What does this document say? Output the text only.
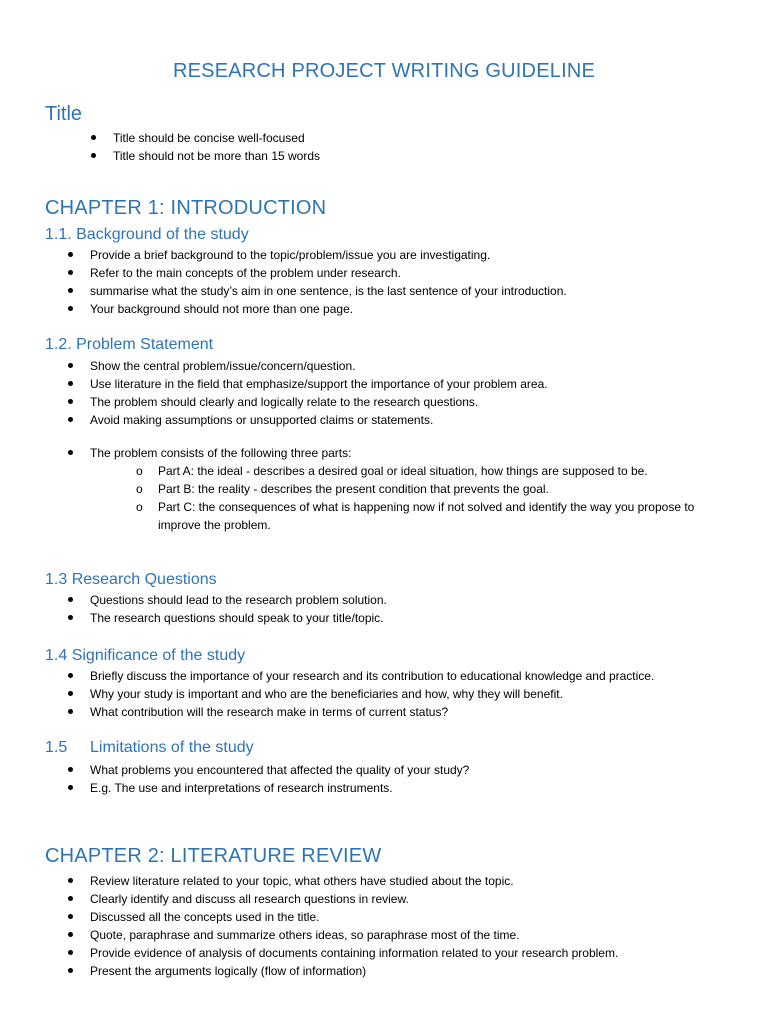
RESEARCH PROJECT WRITING GUIDELINE
Title
Title should be concise well-focused
Title should not be more than 15 words
CHAPTER 1: INTRODUCTION
1.1. Background of the study
Provide a brief background to the topic/problem/issue you are investigating.
Refer to the main concepts of the problem under research.
summarise what the study’s aim in one sentence, is the last sentence of your introduction.
Your background should not more than one page.
1.2. Problem Statement
Show the central problem/issue/concern/question.
Use literature in the field that emphasize/support the importance of your problem area.
The problem should clearly and logically relate to the research questions.
Avoid making assumptions or unsupported claims or statements.
The problem consists of the following three parts:
o Part A: the ideal - describes a desired goal or ideal situation, how things are supposed to be.
o Part B: the reality - describes the present condition that prevents the goal.
o Part C: the consequences of what is happening now if not solved and identify the way you propose to improve the problem.
1.3 Research Questions
Questions should lead to the research problem solution.
The research questions should speak to your title/topic.
1.4 Significance of the study
Briefly discuss the importance of your research and its contribution to educational knowledge and practice.
Why your study is important and who are the beneficiaries and how, why they will benefit.
What contribution will the research make in terms of current status?
1.5 Limitations of the study
What problems you encountered that affected the quality of your study?
E.g. The use and interpretations of research instruments.
CHAPTER 2: LITERATURE REVIEW
Review literature related to your topic, what others have studied about the topic.
Clearly identify and discuss all research questions in review.
Discussed all the concepts used in the title.
Quote, paraphrase and summarize others ideas, so paraphrase most of the time.
Provide evidence of analysis of documents containing information related to your research problem.
Present the arguments logically (flow of information)
